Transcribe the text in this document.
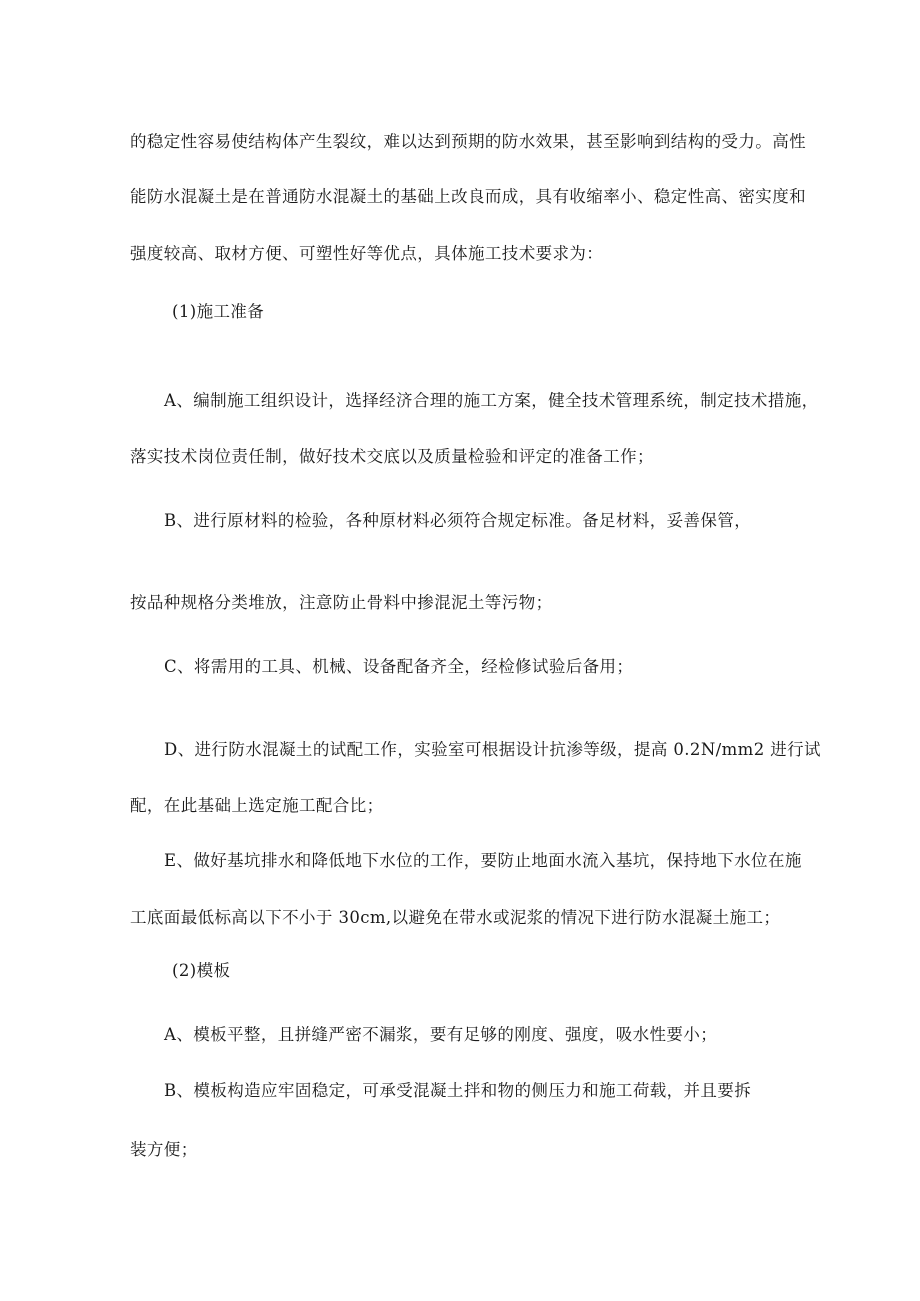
的稳定性容易使结构体产生裂纹，难以达到预期的防水效果，甚至影响到结构的受力。高性
能防水混凝土是在普通防水混凝土的基础上改良而成，具有收缩率小、稳定性高、密实度和
强度较高、取材方便、可塑性好等优点，具体施工技术要求为：
(1)施工准备
A、编制施工组织设计，选择经济合理的施工方案，健全技术管理系统，制定技术措施，
落实技术岗位责任制，做好技术交底以及质量检验和评定的准备工作；
B、进行原材料的检验，各种原材料必须符合规定标准。备足材料，妥善保管，
按品种规格分类堆放，注意防止骨料中掺混泥土等污物；
C、将需用的工具、机械、设备配备齐全，经检修试验后备用；
D、进行防水混凝土的试配工作，实验室可根据设计抗渗等级，提高 0.2N∕mm2 进行试
配，在此基础上选定施工配合比；
E、做好基坑排水和降低地下水位的工作，要防止地面水流入基坑，保持地下水位在施
工底面最低标高以下不小于 30cm,以避免在带水或泥浆的情况下进行防水混凝土施工；
(2)模板
A、模板平整，且拼缝严密不漏浆，要有足够的刚度、强度，吸水性要小；
B、模板构造应牢固稳定，可承受混凝土拌和物的侧压力和施工荷载，并且要拆
装方便；
